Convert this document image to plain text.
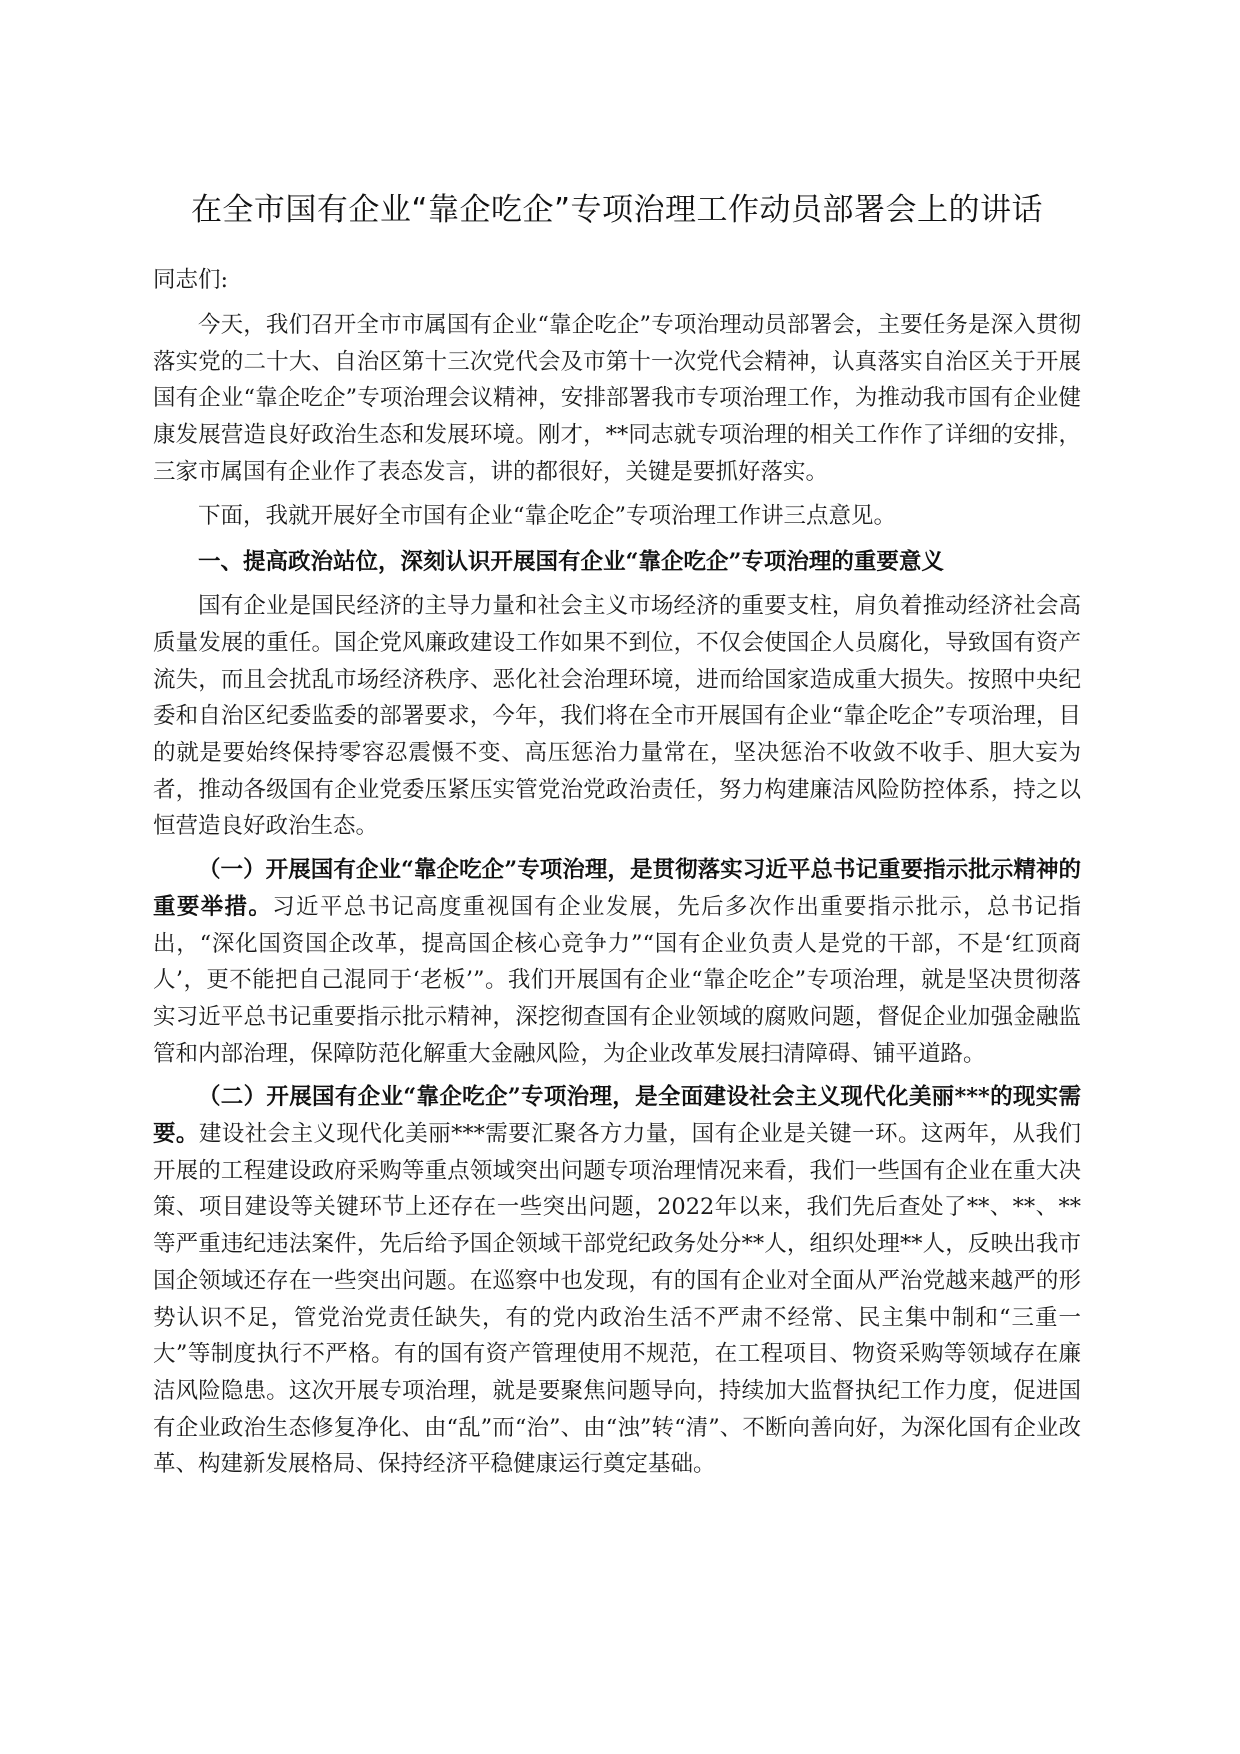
在全市国有企业“靠企吃企”专项治理工作动员部署会上的讲话

同志们:

今天，我们召开全市市属国有企业“靠企吃企”专项治理动员部署会，主要任务是深入贯彻落实党的二十大、自治区第十三次党代会及市第十一次党代会精神，认真落实自治区关于开展国有企业“靠企吃企”专项治理会议精神，安排部署我市专项治理工作，为推动我市国有企业健康发展营造良好政治生态和发展环境。刚才，**同志就专项治理的相关工作作了详细的安排，三家市属国有企业作了表态发言，讲的都很好，关键是要抓好落实。

下面，我就开展好全市国有企业“靠企吃企”专项治理工作讲三点意见。

一、提高政治站位，深刻认识开展国有企业“靠企吃企”专项治理的重要意义

国有企业是国民经济的主导力量和社会主义市场经济的重要支柱，肩负着推动经济社会高质量发展的重任。国企党风廉政建设工作如果不到位，不仅会使国企人员腐化，导致国有资产流失，而且会扰乱市场经济秩序、恶化社会治理环境，进而给国家造成重大损失。按照中央纪委和自治区纪委监委的部署要求，今年，我们将在全市开展国有企业“靠企吃企”专项治理，目的就是要始终保持零容忍震慑不变、高压惩治力量常在，坚决惩治不收敛不收手、胆大妄为者，推动各级国有企业党委压紧压实管党治党政治责任，努力构建廉洁风险防控体系，持之以恒营造良好政治生态。

（一）开展国有企业“靠企吃企”专项治理，是贯彻落实习近平总书记重要指示批示精神的重要举措。习近平总书记高度重视国有企业发展，先后多次作出重要指示批示，总书记指出，“深化国资国企改革，提高国企核心竞争力”“国有企业负责人是党的干部，不是‘红顶商人’，更不能把自己混同于‘老板’”。我们开展国有企业“靠企吃企”专项治理，就是坚决贯彻落实习近平总书记重要指示批示精神，深挖彻查国有企业领域的腐败问题，督促企业加强金融监管和内部治理，保障防范化解重大金融风险，为企业改革发展扫清障碍、铺平道路。

（二）开展国有企业“靠企吃企”专项治理，是全面建设社会主义现代化美丽***的现实需要。建设社会主义现代化美丽***需要汇聚各方力量，国有企业是关键一环。这两年，从我们开展的工程建设政府采购等重点领域突出问题专项治理情况来看，我们一些国有企业在重大决策、项目建设等关键环节上还存在一些突出问题，2022年以来，我们先后查处了**、**、**等严重违纪违法案件，先后给予国企领域干部党纪政务处分**人，组织处理**人，反映出我市国企领域还存在一些突出问题。在巡察中也发现，有的国有企业对全面从严治党越来越严的形势认识不足，管党治党责任缺失，有的党内政治生活不严肃不经常、民主集中制和“三重一大”等制度执行不严格。有的国有资产管理使用不规范，在工程项目、物资采购等领域存在廉洁风险隐患。这次开展专项治理，就是要聚焦问题导向，持续加大监督执纪工作力度，促进国有企业政治生态修复净化、由“乱”而“治”、由“浊”转“清”、不断向善向好，为深化国有企业改革、构建新发展格局、保持经济平稳健康运行奠定基础。
